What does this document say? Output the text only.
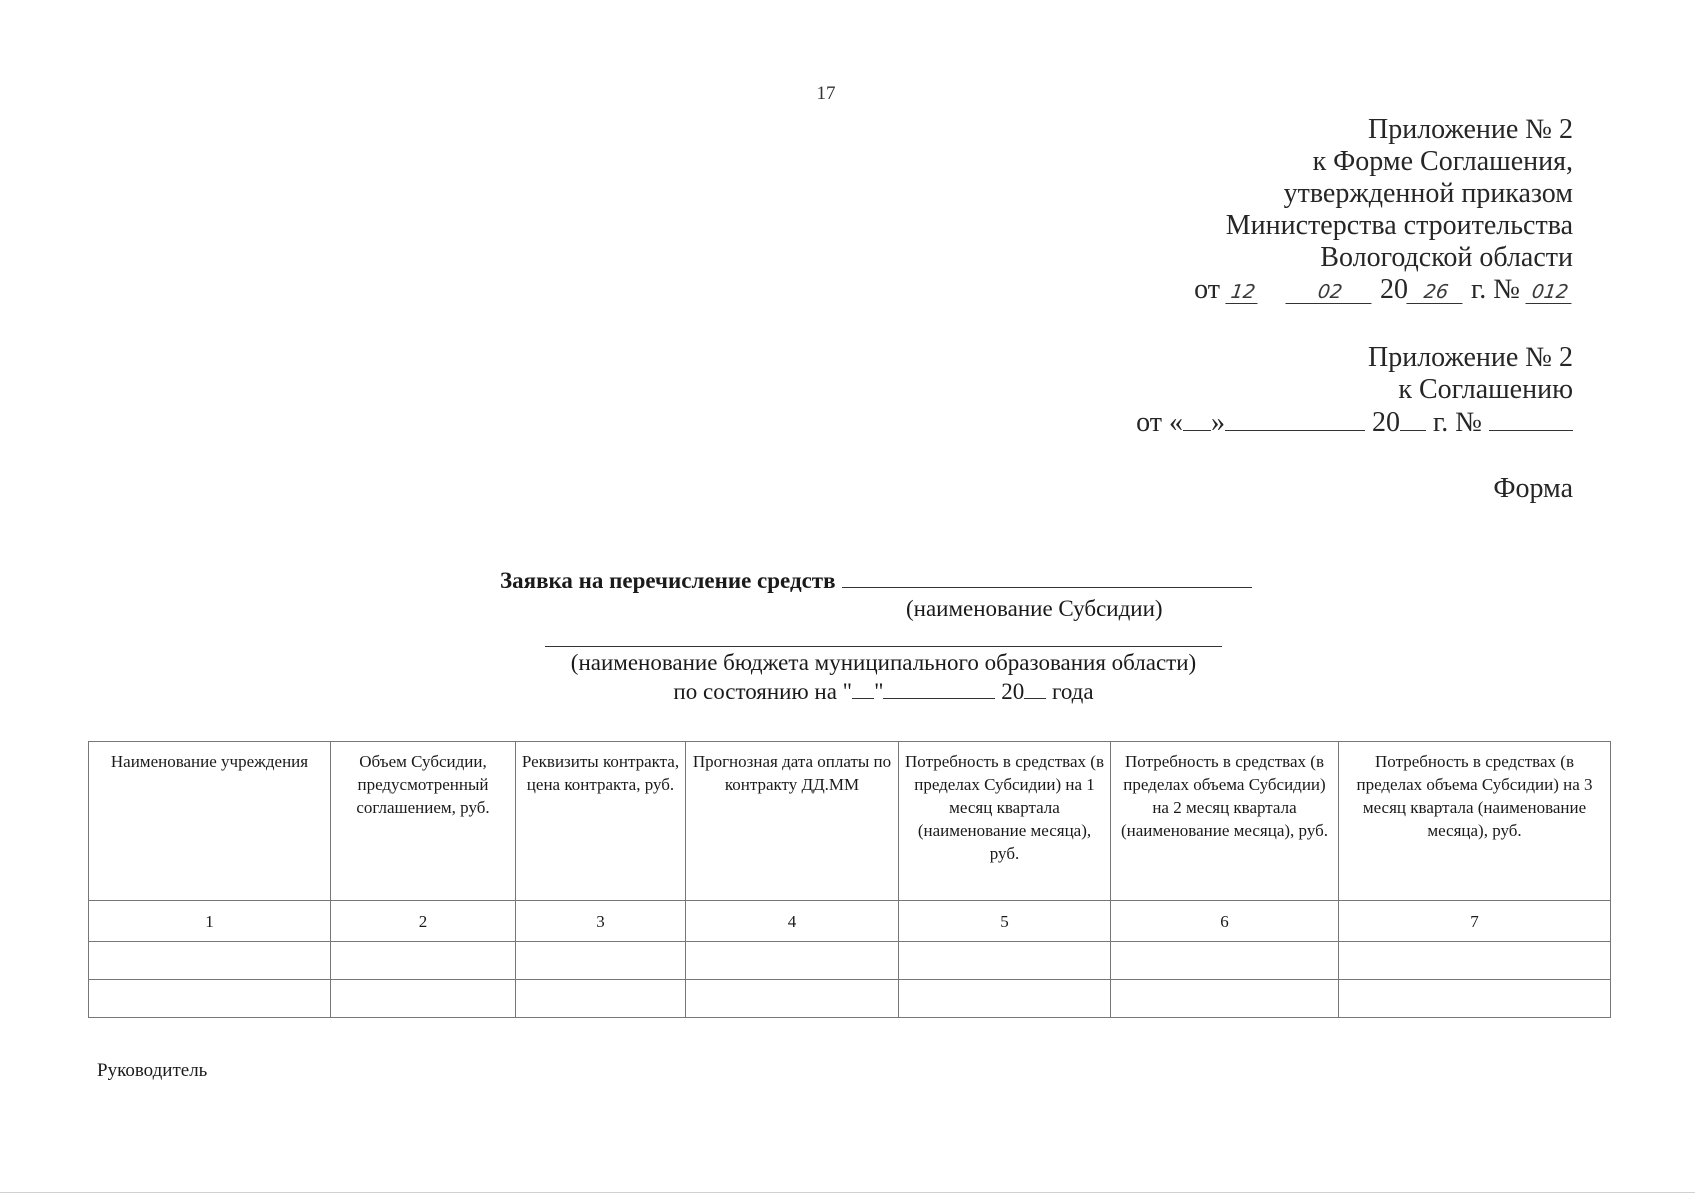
17
Приложение № 2
к Форме Соглашения,
утвержденной приказом
Министерства строительства
Вологодской области
от 12	02 20 26 г. № 012
Приложение № 2
к Соглашению
от « »	20 г. №
Форма
Заявка на перечисление средств
(наименование Субсидии)
(наименование бюджета муниципального образования области)
по состоянию на " "	20 года
Наименование учреждения	Объем Субсидии, предусмотренный соглашением, руб.	Реквизиты контракта, цена контракта, руб.	Прогнозная дата оплаты по контракту ДД.ММ	Потребность в средствах (в пределах Субсидии) на 1 месяц квартала (наименование месяца), руб.	Потребность в средствах (в пределах объема Субсидии) на 2 месяц квартала (наименование месяца), руб.	Потребность в средствах (в пределах объема Субсидии) на 3 месяц квартала (наименование месяца), руб.
1	2	3	4	5	6	7

Руководитель
